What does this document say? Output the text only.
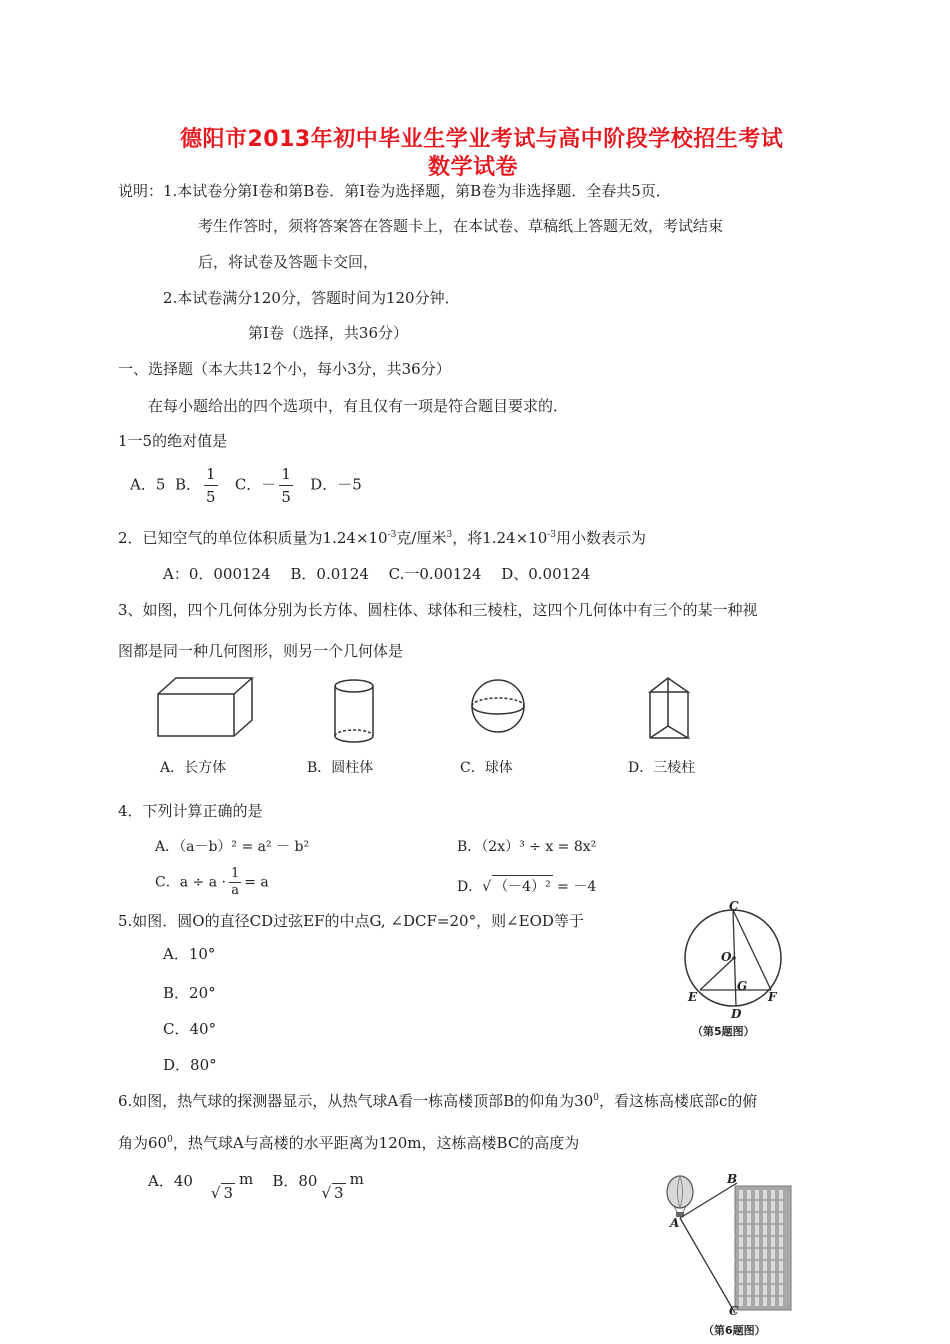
德阳市2013年初中毕业生学业考试与高中阶段学校招生考试
数学试卷
说明：1.本试卷分第Ⅰ卷和第B卷．第Ⅰ卷为选择题，第B卷为非选择题．全春共5页．
考生作答时，须将答案答在答题卡上，在本试卷、草稿纸上答题无效，考试结束
后，将试卷及答题卡交回，
2.本试卷满分120分，答题时间为120分钟．
第Ⅰ卷（选择，共36分）
一、选择题（本大共12个小，每小3分，共36分）
在每小题给出的四个选项中，有且仅有一项是符合题目要求的．
1一5的绝对值是
A．5 B． $\frac{1}{5}$ C．－ $\frac{1}{5}$ D．－5
2．已知空气的单位体积质量为$1.24\times 10^{-3}$克/厘米$^3$，将$1.24\times 10^{-3}$用小数表示为
A：0．000124　 B．0.0124　 C.一0.00124　 D、0.00124
3、如图，四个几何体分别为长方体、圆柱体、球体和三棱柱，这四个几何体中有三个的某一种视
图都是同一种几何图形，则另一个几何体是
A．长方体	B．圆柱体	C．球体	D．三棱柱
4．下列计算正确的是
A．（a－b）² = a² － b²	B．（2x）³ ÷ x = 8x²
C．$a \div a \cdot \frac{1}{a} = a$	D．√ （－4）² = －4
5.如图．圆O的直径CD过弦EF的中点G, ∠DCF=20°，则∠EOD等于
A．10°
B．20°
C．40°
D．80°
C
O
G
E	F
D
（第5题图）
6.如图，热气球的探测器显示，从热气球A看一栋高楼顶部B的仰角为$30^0$，看这栋高楼底部c的俯
角为$60^0$，热气球A与高楼的水平距离为120m，这栋高楼BC的高度为
A．40√ 3m B．80√ 3m	B
A
C
（第6题图）
